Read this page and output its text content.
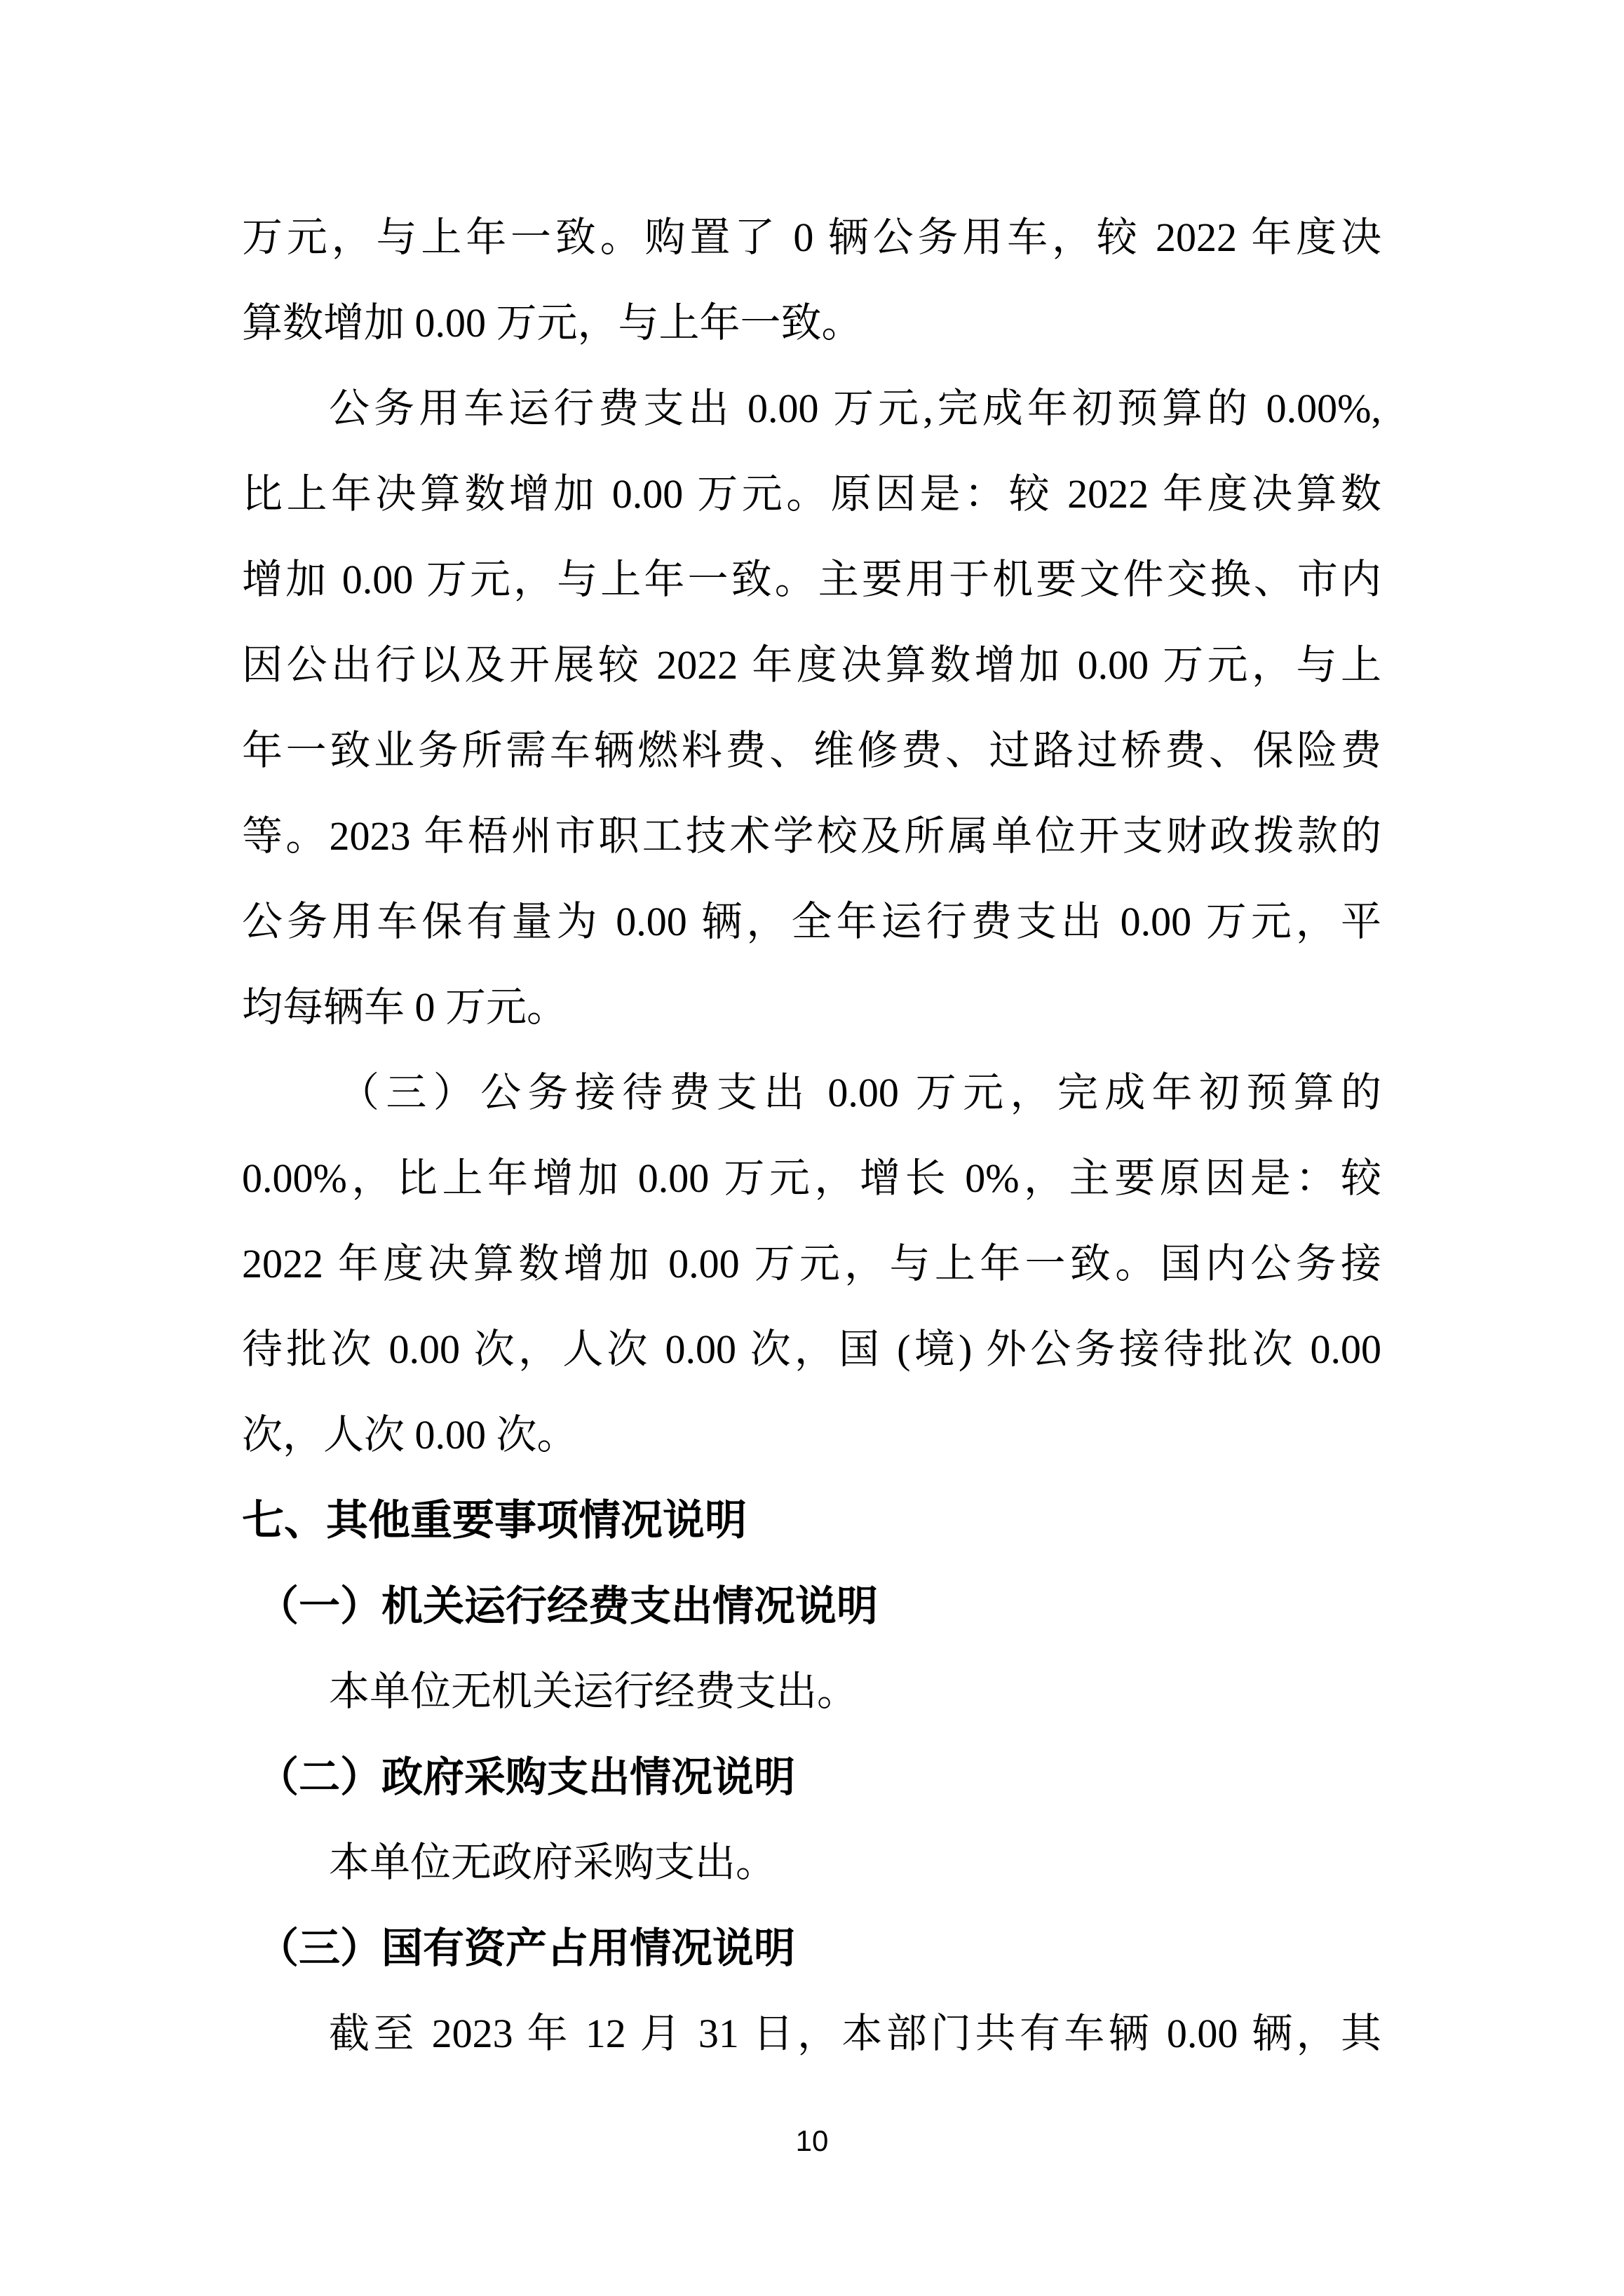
万元，与上年一致。购置了 0 辆公务用车，较 2022 年度决

算数增加 0.00 万元，与上年一致。

公务用车运行费支出 0.00 万元,完成年初预算的 0.00%,

比上年决算数增加 0.00 万元。原因是：较 2022 年度决算数

增加 0.00 万元，与上年一致。主要用于机要文件交换、市内

因公出行以及开展较 2022 年度决算数增加 0.00 万元，与上

年一致业务所需车辆燃料费、维修费、过路过桥费、保险费

等。2023 年梧州市职工技术学校及所属单位开支财政拨款的

公务用车保有量为 0.00 辆，全年运行费支出 0.00 万元，平

均每辆车 0 万元。

（三）公务接待费支出 0.00 万元，完成年初预算的

0.00%，比上年增加 0.00 万元，增长 0%，主要原因是：较

2022 年度决算数增加 0.00 万元，与上年一致。国内公务接

待批次 0.00 次，人次 0.00 次，国 (境) 外公务接待批次 0.00

次，人次 0.00 次。

七、其他重要事项情况说明

（一）机关运行经费支出情况说明

本单位无机关运行经费支出。

（二）政府采购支出情况说明

本单位无政府采购支出。

（三）国有资产占用情况说明

截至 2023 年 12 月 31 日，本部门共有车辆 0.00 辆，其

10
